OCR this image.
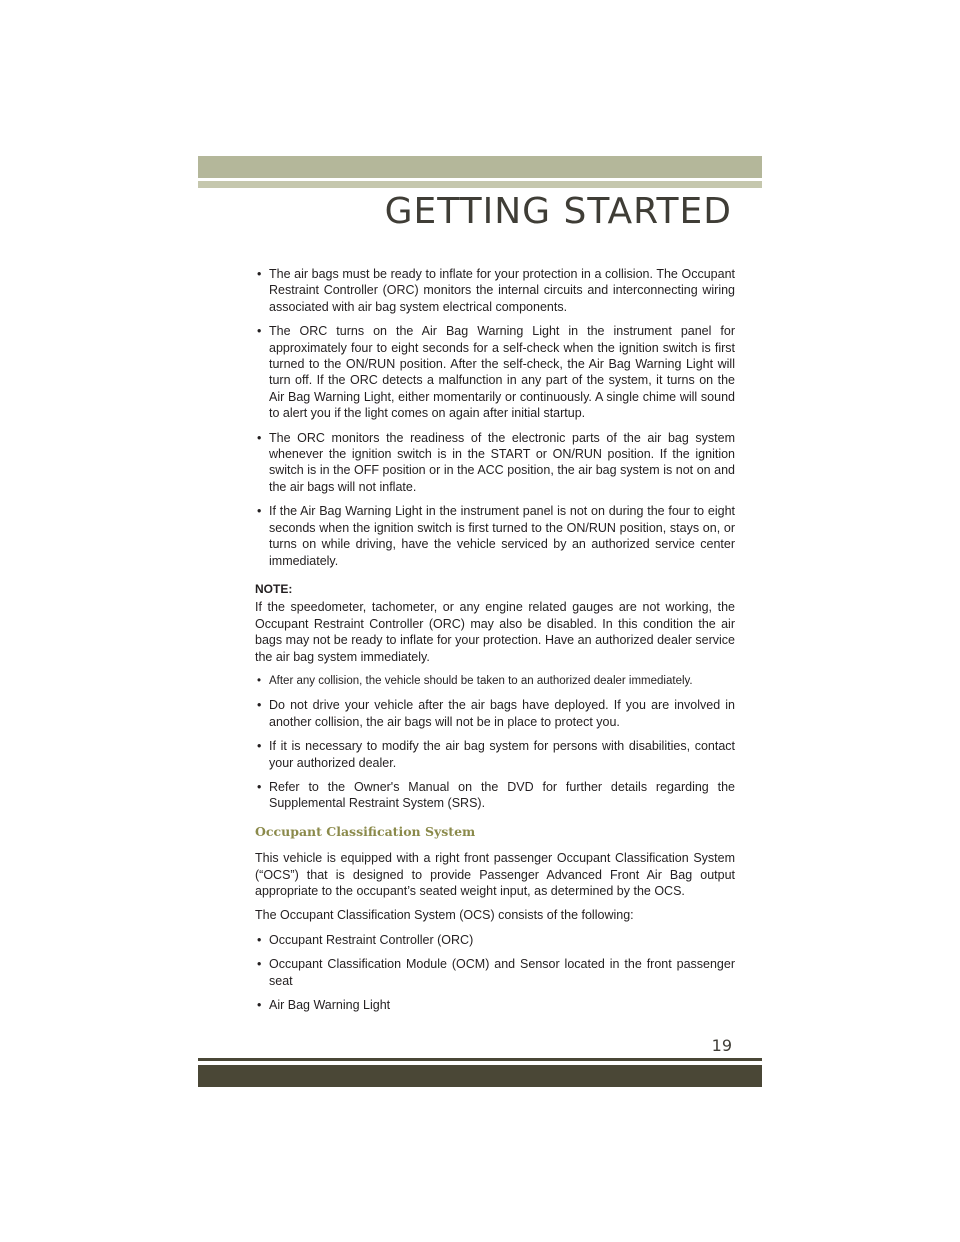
GETTING STARTED
• The air bags must be ready to inflate for your protection in a collision. The Occupant Restraint Controller (ORC) monitors the internal circuits and interconnecting wiring associated with air bag system electrical components.
• The ORC turns on the Air Bag Warning Light in the instrument panel for approximately four to eight seconds for a self-check when the ignition switch is first turned to the ON/RUN position. After the self-check, the Air Bag Warning Light will turn off. If the ORC detects a malfunction in any part of the system, it turns on the Air Bag Warning Light, either momentarily or continuously. A single chime will sound to alert you if the light comes on again after initial startup.
• The ORC monitors the readiness of the electronic parts of the air bag system whenever the ignition switch is in the START or ON/RUN position. If the ignition switch is in the OFF position or in the ACC position, the air bag system is not on and the air bags will not inflate.
• If the Air Bag Warning Light in the instrument panel is not on during the four to eight seconds when the ignition switch is first turned to the ON/RUN position, stays on, or turns on while driving, have the vehicle serviced by an authorized service center immediately.
NOTE:

If the speedometer, tachometer, or any engine related gauges are not working, the Occupant Restraint Controller (ORC) may also be disabled. In this condition the air bags may not be ready to inflate for your protection. Have an authorized dealer service the air bag system immediately.

• After any collision, the vehicle should be taken to an authorized dealer immediately.
• Do not drive your vehicle after the air bags have deployed. If you are involved in another collision, the air bags will not be in place to protect you.
• If it is necessary to modify the air bag system for persons with disabilities, contact your authorized dealer.
• Refer to the Owner's Manual on the DVD for further details regarding the Supplemental Restraint System (SRS).
Occupant Classification System

This vehicle is equipped with a right front passenger Occupant Classification System (“OCS”) that is designed to provide Passenger Advanced Front Air Bag output appropriate to the occupant’s seated weight input, as determined by the OCS.

The Occupant Classification System (OCS) consists of the following:

• Occupant Restraint Controller (ORC)
• Occupant Classification Module (OCM) and Sensor located in the front passenger seat
• Air Bag Warning Light
19
